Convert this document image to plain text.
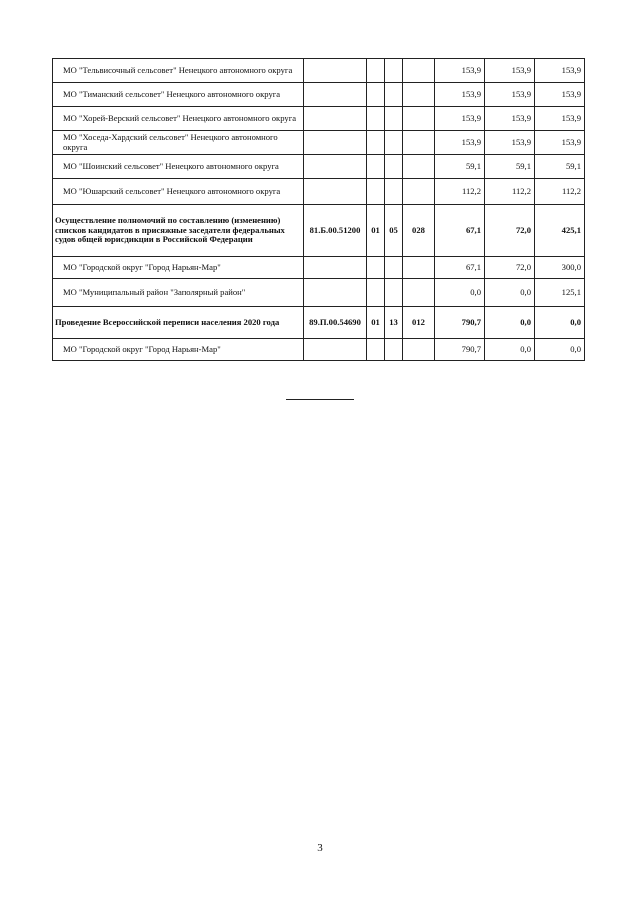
МО "Тельвисочный сельсовет" Ненецкого автономного округа					153,9	153,9	153,9
МО "Тиманский сельсовет" Ненецкого автономного округа					153,9	153,9	153,9
МО "Хорей-Верский сельсовет" Ненецкого автономного округа					153,9	153,9	153,9
МО "Хоседа-Хардский сельсовет" Ненецкого автономного округа					153,9	153,9	153,9
МО "Шоинский сельсовет" Ненецкого автономного округа					59,1	59,1	59,1
МО "Юшарский сельсовет" Ненецкого автономного округа					112,2	112,2	112,2
Осуществление полномочий по составлению (изменению) списков кандидатов в присяжные заседатели федеральных судов общей юрисдикции в Российской Федерации	81.Б.00.51200	01	05	028	67,1	72,0	425,1
МО "Городской округ "Город Нарьян-Мар"					67,1	72,0	300,0
МО "Муниципальный район "Заполярный район"					0,0	0,0	125,1
Проведение Всероссийской переписи населения 2020 года	89.П.00.54690	01	13	012	790,7	0,0	0,0
МО "Городской округ "Город Нарьян-Мар"					790,7	0,0	0,0
3
